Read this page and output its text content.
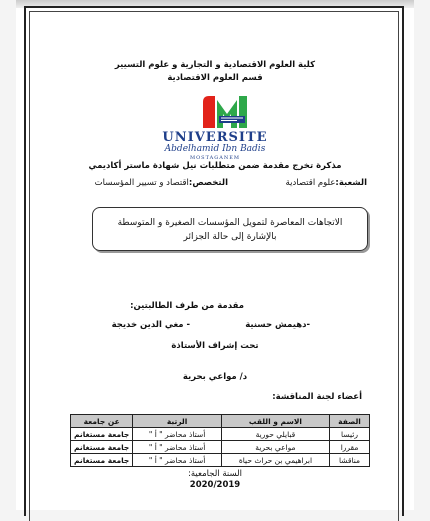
كلية العلوم الاقتصادية و التجارية و علوم التسيير
قسم العلوم الاقتصادية
UNIVERSITE
Abdelhamid Ibn Badis
MOSTAGANEM
مذكرة تخرج مقدمة ضمن متطلبات نيل شهادة ماستر أكاديمي
الشعبة:علوم اقتصادية
التخصص:اقتصاد و تسيير المؤسسات
الاتجاهات المعاصرة لتمويل المؤسسات الصغيرة و المتوسطة
بالإشارة إلى حالة الجزائر
مقدمة من طرف الطالبتين:
-دهيمش حسنية
- مغي الدين خديجة
تحت إشراف الأستاذة
د/ مواعي بحرية
أعضاء لجنة المناقشة:
الصفة	الاسم و اللقب	الرتبة	عن جامعة
رئيسا	قبايلي حورية	أستاذ محاضر " أ "	جامعة مستغانم
مقررا	مواعي بحرية	أستاذ محاضر " أ "	جامعة مستغانم
مناقشا	ابراهيمي بن حراث حياة	أستاذ محاضر " أ "	جامعة مستغانم
السنة الجامعية:
2020/2019
